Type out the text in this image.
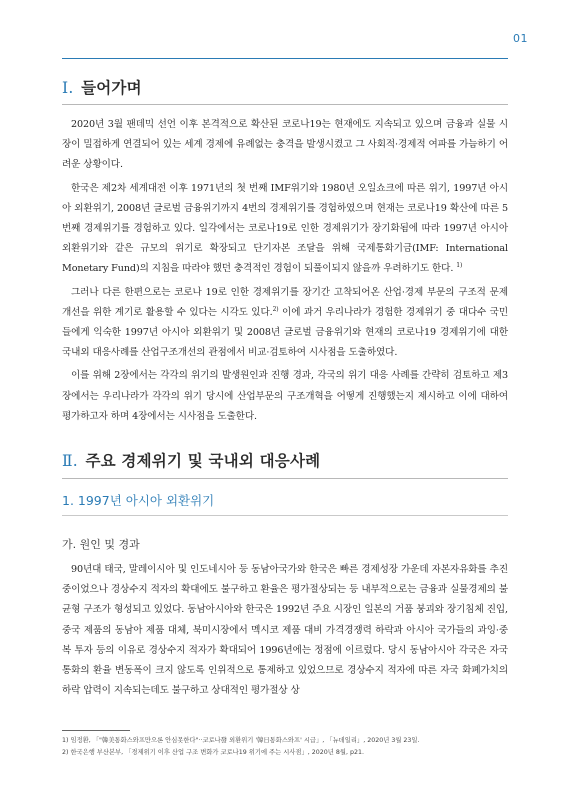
01
Ⅰ. 들어가며

2020년 3월 팬데믹 선언 이후 본격적으로 확산된 코로나19는 현재에도 지속되고 있으며 금융과 실물 시장이 밀접하게 연결되어 있는 세계 경제에 유례없는 충격을 발생시켰고 그 사회적·경제적 여파를 가늠하기 어려운 상황이다.

한국은 제2차 세계대전 이후 1971년의 첫 번째 IMF위기와 1980년 오일쇼크에 따른 위기, 1997년 아시아 외환위기, 2008년 글로벌 금융위기까지 4번의 경제위기를 경험하였으며 현재는 코로나19 확산에 따른 5번째 경제위기를 경험하고 있다. 일각에서는 코로나19로 인한 경제위기가 장기화됨에 따라 1997년 아시아 외환위기와 같은 규모의 위기로 확장되고 단기자본 조달을 위해 국제통화기금(IMF: International Monetary Fund)의 지침을 따라야 했던 충격적인 경험이 되풀이되지 않을까 우려하기도 한다. $^{1)}$

그러나 다른 한편으로는 코로나 19로 인한 경제위기를 장기간 고착되어온 산업·경제 부문의 구조적 문제 개선을 위한 계기로 활용할 수 있다는 시각도 있다.$^{2)}$ 이에 과거 우리나라가 경험한 경제위기 중 대다수 국민들에게 익숙한 1997년 아시아 외환위기 및 2008년 글로벌 금융위기와 현재의 코로나19 경제위기에 대한 국내외 대응사례를 산업구조개선의 관점에서 비교·검토하여 시사점을 도출하였다.

이를 위해 2장에서는 각각의 위기의 발생원인과 진행 경과, 각국의 위기 대응 사례를 간략히 검토하고 제3장에서는 우리나라가 각각의 위기 당시에 산업부문의 구조개혁을 어떻게 진행했는지 제시하고 이에 대하여 평가하고자 하며 4장에서는 시사점을 도출한다.

Ⅱ. 주요 경제위기 및 국내외 대응사례
1. 1997년 아시아 외환위기
가. 원인 및 경과

90년대 태국, 말레이시아 및 인도네시아 등 동남아국가와 한국은 빠른 경제성장 가운데 자본자유화를 추진 중이었으나 경상수지 적자의 확대에도 불구하고 환율은 평가절상되는 등 내부적으로는 금융과 실물경제의 불균형 구조가 형성되고 있었다. 동남아시아와 한국은 1992년 주요 시장인 일본의 거품 붕괴와 장기침체 진입, 중국 제품의 동남아 제품 대체, 북미시장에서 멕시코 제품 대비 가격경쟁력 하락과 아시아 국가들의 과잉·중복 투자 등의 이유로 경상수지 적자가 확대되어 1996년에는 정점에 이르렀다. 당시 동남아시아 각국은 자국통화의 환율 변동폭이 크지 않도록 인위적으로 통제하고 있었으므로 경상수지 적자에 따른 자국 화폐가치의 하락 압력이 지속되는데도 불구하고 상대적인 평가절상 상

1) 임정환, 「"韓美통화스와프만으론 안심못한다"··코로나發 외환위기 '韓日통화스와프' 시급」, 「뉴데일리」, 2020년 3월 23일.
2) 한국은행 부산본부, 「경제위기 이후 산업 구조 변화가 코로나19 위기에 주는 시사점」, 2020년 8월, p21.
